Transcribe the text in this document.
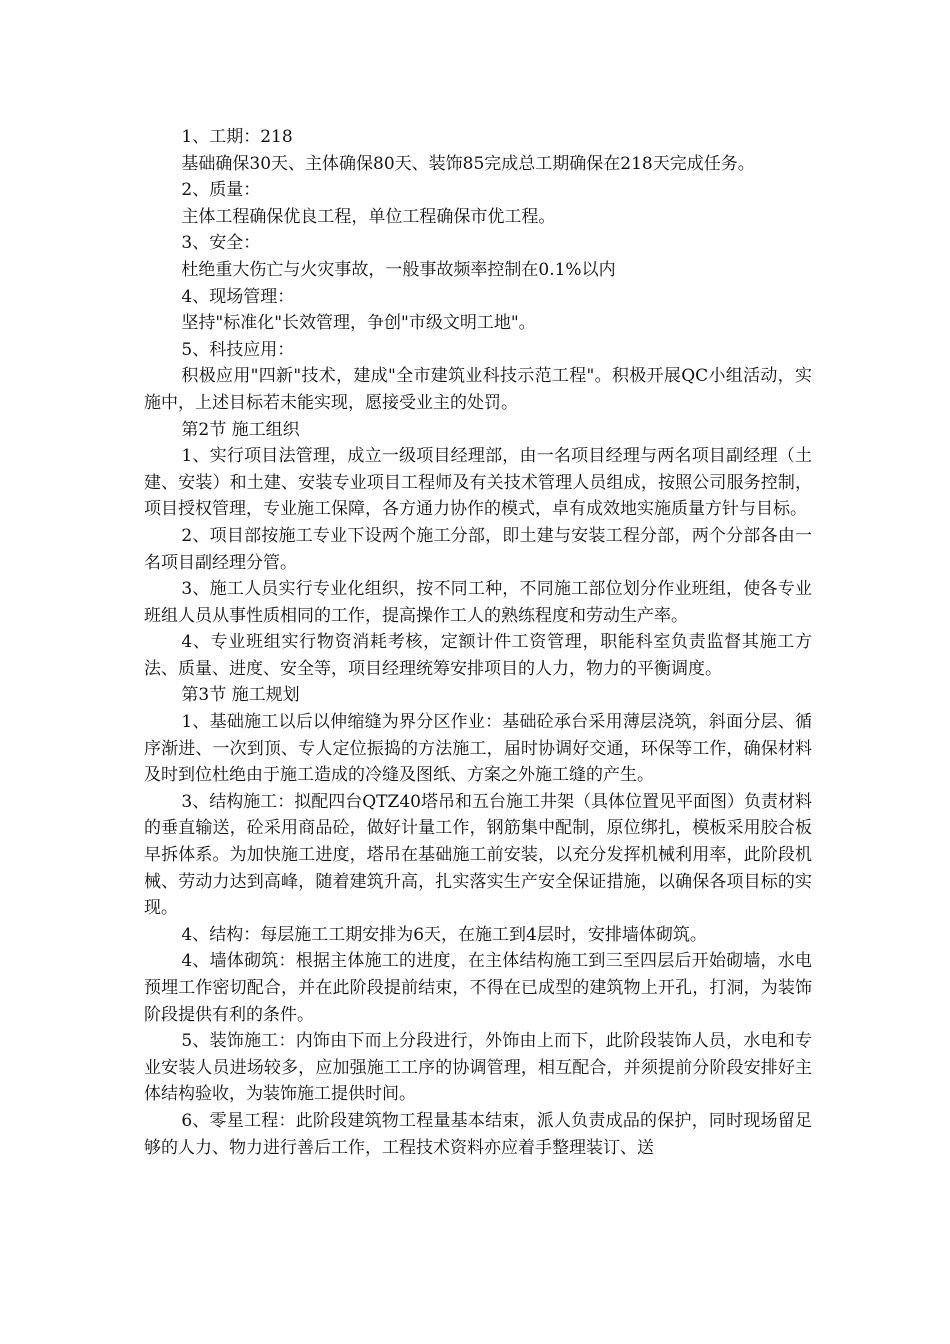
1、工期：218

基础确保30天、主体确保80天、装饰85完成总工期确保在218天完成任务。

2、质量：

主体工程确保优良工程，单位工程确保市优工程。

3、安全：

杜绝重大伤亡与火灾事故，一般事故频率控制在0.1%以内

4、现场管理：

坚持"标准化"长效管理，争创"市级文明工地"。

5、科技应用：

积极应用"四新"技术，建成"全市建筑业科技示范工程"。积极开展QC小组活动，实施中，上述目标若未能实现，愿接受业主的处罚。

第2节 施工组织

1、实行项目法管理，成立一级项目经理部，由一名项目经理与两名项目副经理（土建、安装）和土建、安装专业项目工程师及有关技术管理人员组成，按照公司服务控制，项目授权管理，专业施工保障，各方通力协作的模式，卓有成效地实施质量方针与目标。

2、项目部按施工专业下设两个施工分部，即土建与安装工程分部，两个分部各由一名项目副经理分管。

3、施工人员实行专业化组织，按不同工种，不同施工部位划分作业班组，使各专业班组人员从事性质相同的工作，提高操作工人的熟练程度和劳动生产率。

4、专业班组实行物资消耗考核，定额计件工资管理，职能科室负责监督其施工方法、质量、进度、安全等，项目经理统筹安排项目的人力，物力的平衡调度。

第3节 施工规划

1、基础施工以后以伸缩缝为界分区作业：基础砼承台采用薄层浇筑，斜面分层、循序渐进、一次到顶、专人定位振捣的方法施工，届时协调好交通，环保等工作，确保材料及时到位杜绝由于施工造成的冷缝及图纸、方案之外施工缝的产生。

3、结构施工：拟配四台QTZ40塔吊和五台施工井架（具体位置见平面图）负责材料的垂直输送，砼采用商品砼，做好计量工作，钢筋集中配制，原位绑扎，模板采用胶合板早拆体系。为加快施工进度，塔吊在基础施工前安装，以充分发挥机械利用率，此阶段机械、劳动力达到高峰，随着建筑升高，扎实落实生产安全保证措施，以确保各项目标的实现。

4、结构：每层施工工期安排为6天，在施工到4层时，安排墙体砌筑。

4、墙体砌筑：根据主体施工的进度，在主体结构施工到三至四层后开始砌墙，水电预埋工作密切配合，并在此阶段提前结束，不得在已成型的建筑物上开孔，打洞，为装饰阶段提供有利的条件。

5、装饰施工：内饰由下而上分段进行，外饰由上而下，此阶段装饰人员，水电和专业安装人员进场较多，应加强施工工序的协调管理，相互配合，并须提前分阶段安排好主体结构验收，为装饰施工提供时间。

6、零星工程：此阶段建筑物工程量基本结束，派人负责成品的保护，同时现场留足够的人力、物力进行善后工作，工程技术资料亦应着手整理装订、送
